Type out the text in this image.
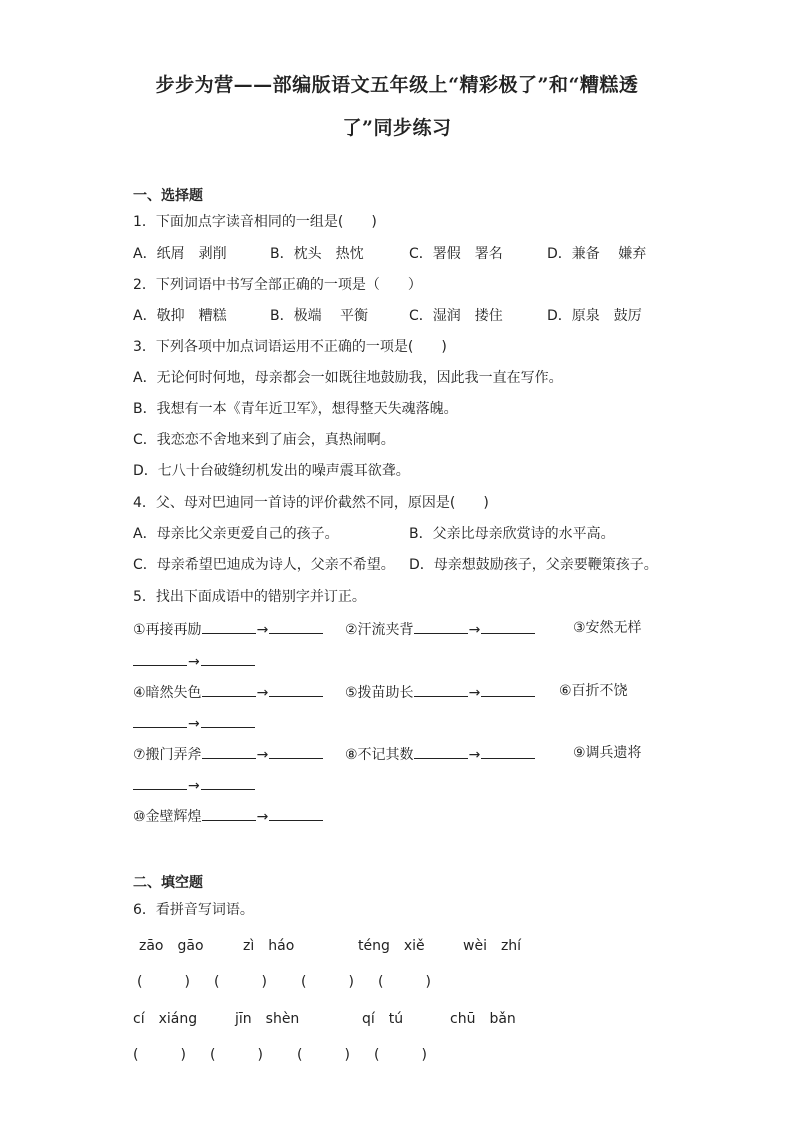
步步为营——部编版语文五年级上“精彩极了”和“糟糕透
了”同步练习
一、选择题
1．下面加点字读音相同的一组是(　　)
A．纸屑　剥削	B．枕头　热忱	C．署假　署名	D．兼备　 嫌弃
2．下列词语中书写全部正确的一项是（　　）
A．敬抑　糟糕	B．极端　 平衡	C．湿润　搂住	D．原泉　鼓厉
3．下列各项中加点词语运用不正确的一项是(　　)
A．无论何时何地，母亲都会一如既往地鼓励我，因此我一直在写作。
B．我想有一本《青年近卫军》，想得整天失魂落魄。
C．我恋恋不舍地来到了庙会，真热闹啊。
D．七八十台破缝纫机发出的噪声震耳欲聋。
4．父、母对巴迪同一首诗的评价截然不同，原因是(　　)
A．母亲比父亲更爱自己的孩子。	B．父亲比母亲欣赏诗的水平高。
C．母亲希望巴迪成为诗人，父亲不希望。 D．母亲想鼓励孩子，父亲要鞭策孩子。
5．找出下面成语中的错别字并订正。
①再接再励	→	②汗流夹背	→	③安然无样
→
④暗然失色	→	⑤拨苗助长	→	⑥百折不饶
→
⑦搬门弄斧	→	⑧不记其数	→	⑨调兵遗将
→
⑩金壁辉煌	→
二、填空题
6．看拼音写词语。
zāo　gāo	zì　háo	téng　xiě	wèi　zhí
(　　　) (　　　) (　　　) (　　　)
cí　xiáng	jīn　shèn	qí　tú	chū　bǎn
(　　　) (　　　) (　　　) (　　　)
